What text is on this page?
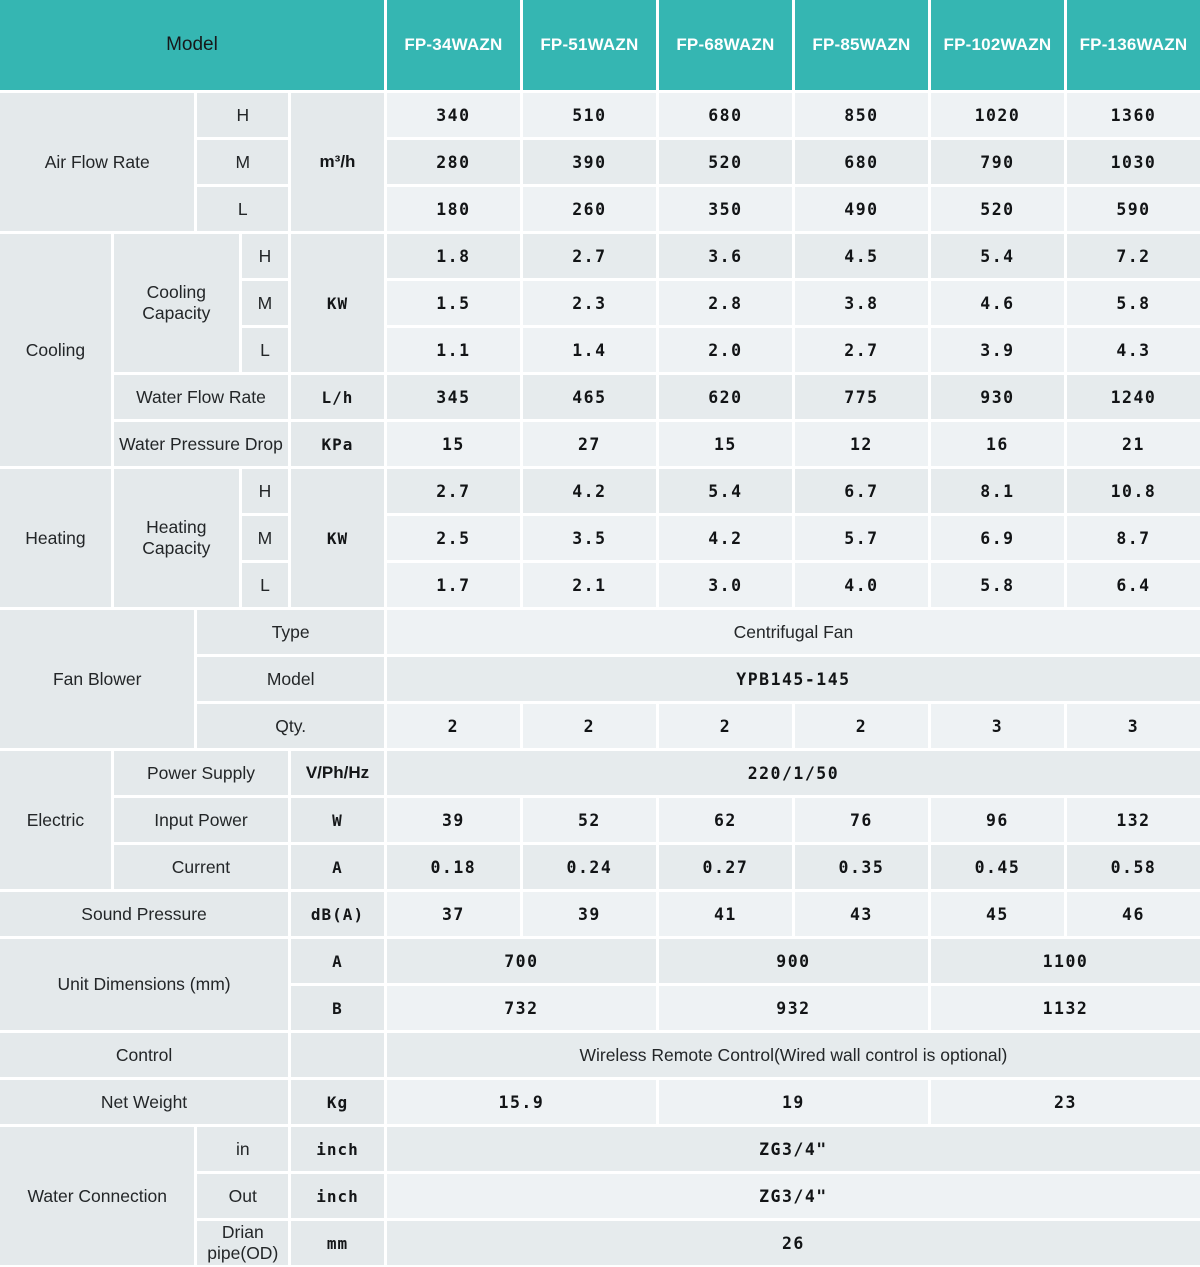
Model					FP-34WAZN	FP-51WAZN	FP-68WAZN	FP-85WAZN	FP-102WAZN	FP-136WAZN
Air Flow Rate		H		m³/h	340	510	680	850	1020	1360
		M			280	390	520	680	790	1030
		L			180	260	350	490	520	590
Cooling	Cooling Capacity		H	KW	1.8	2.7	3.6	4.5	5.4	7.2
			M		1.5	2.3	2.8	3.8	4.6	5.8
			L		1.1	1.4	2.0	2.7	3.9	4.3
	Water Flow Rate			L/h	345	465	620	775	930	1240
	Water Pressure Drop			KPa	15	27	15	12	16	21
Heating	Heating Capacity		H	KW	2.7	4.2	5.4	6.7	8.1	10.8
			M		2.5	3.5	4.2	5.7	6.9	8.7
			L		1.7	2.1	3.0	4.0	5.8	6.4
Fan Blower		Type			Centrifugal Fan					
		Model			YPB145-145					
		Qty.			2	2	2	2	3	3
Electric	Power Supply			V/Ph/Hz	220/1/50					
	Input Power			W	39	52	62	76	96	132
	Current			A	0.18	0.24	0.27	0.35	0.45	0.58
Sound Pressure				dB(A)	37	39	41	43	45	46
Unit Dimensions (mm)				A	700		900		1100	
				B	732		932		1132	
Control					Wireless Remote Control(Wired wall control is optional)					
Net Weight				Kg	15.9		19		23	
Water Connection		in		inch	ZG3/4"					
		Out		inch	ZG3/4"					
		Drian pipe(OD)		mm	26					
